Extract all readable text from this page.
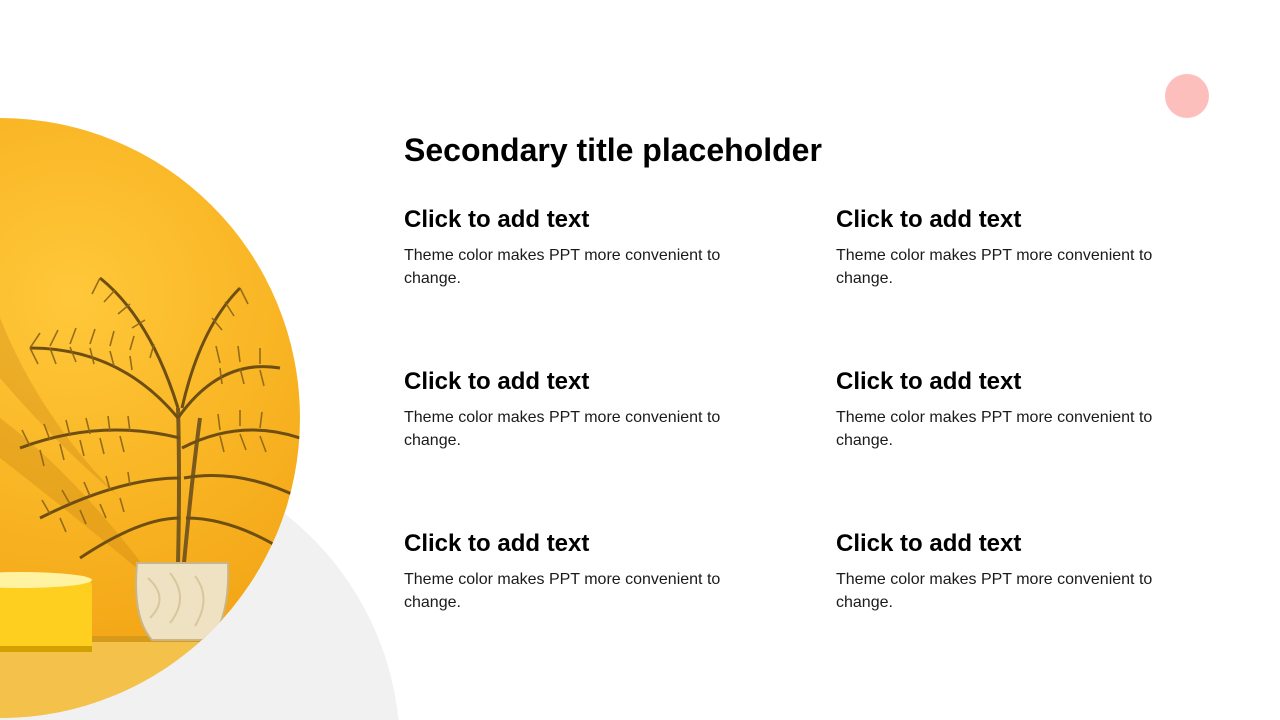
Secondary title placeholder
Click to add text

Theme color makes PPT more convenient to change.

Click to add text

Theme color makes PPT more convenient to change.

Click to add text

Theme color makes PPT more convenient to change.

Click to add text

Theme color makes PPT more convenient to change.

Click to add text

Theme color makes PPT more convenient to change.

Click to add text

Theme color makes PPT more convenient to change.
